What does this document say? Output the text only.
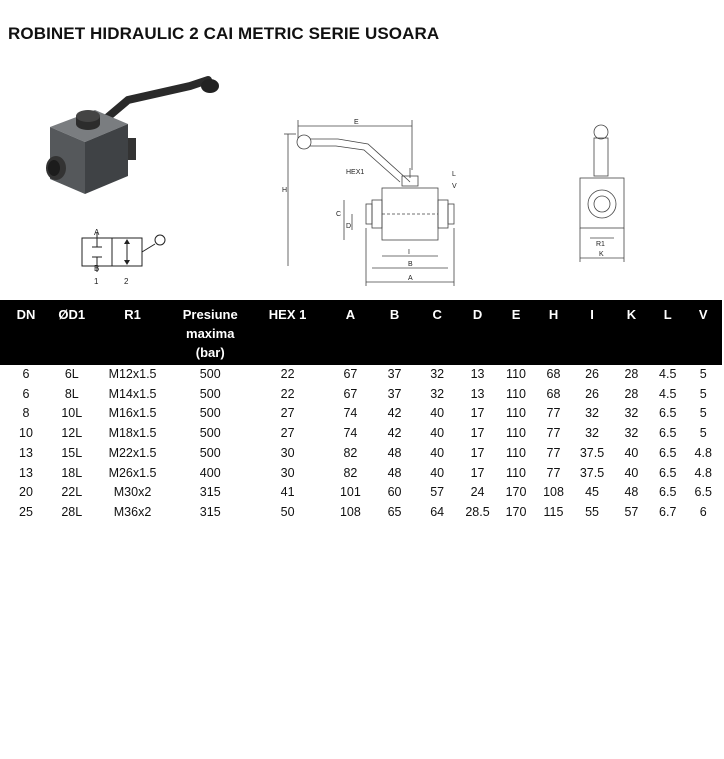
ROBINET HIDRAULIC 2 CAI METRIC SERIE USOARA
A
B
1	2
E
H
HEX1	L
V
C
D
I
B
A
R1
K
DN	ØD1	R1	Presiune maxima (bar)	HEX 1	A	B	C	D	E	H	I	K	L	V
6	6L	M12x1.5	500	22	67	37	32	13	110	68	26	28	4.5	5
6	8L	M14x1.5	500	22	67	37	32	13	110	68	26	28	4.5	5
8	10L	M16x1.5	500	27	74	42	40	17	110	77	32	32	6.5	5
10	12L	M18x1.5	500	27	74	42	40	17	110	77	32	32	6.5	5
13	15L	M22x1.5	500	30	82	48	40	17	110	77	37.5	40	6.5	4.8
13	18L	M26x1.5	400	30	82	48	40	17	110	77	37.5	40	6.5	4.8
20	22L	M30x2	315	41	101	60	57	24	170	108	45	48	6.5	6.5
25	28L	M36x2	315	50	108	65	64	28.5	170	115	55	57	6.7	6
